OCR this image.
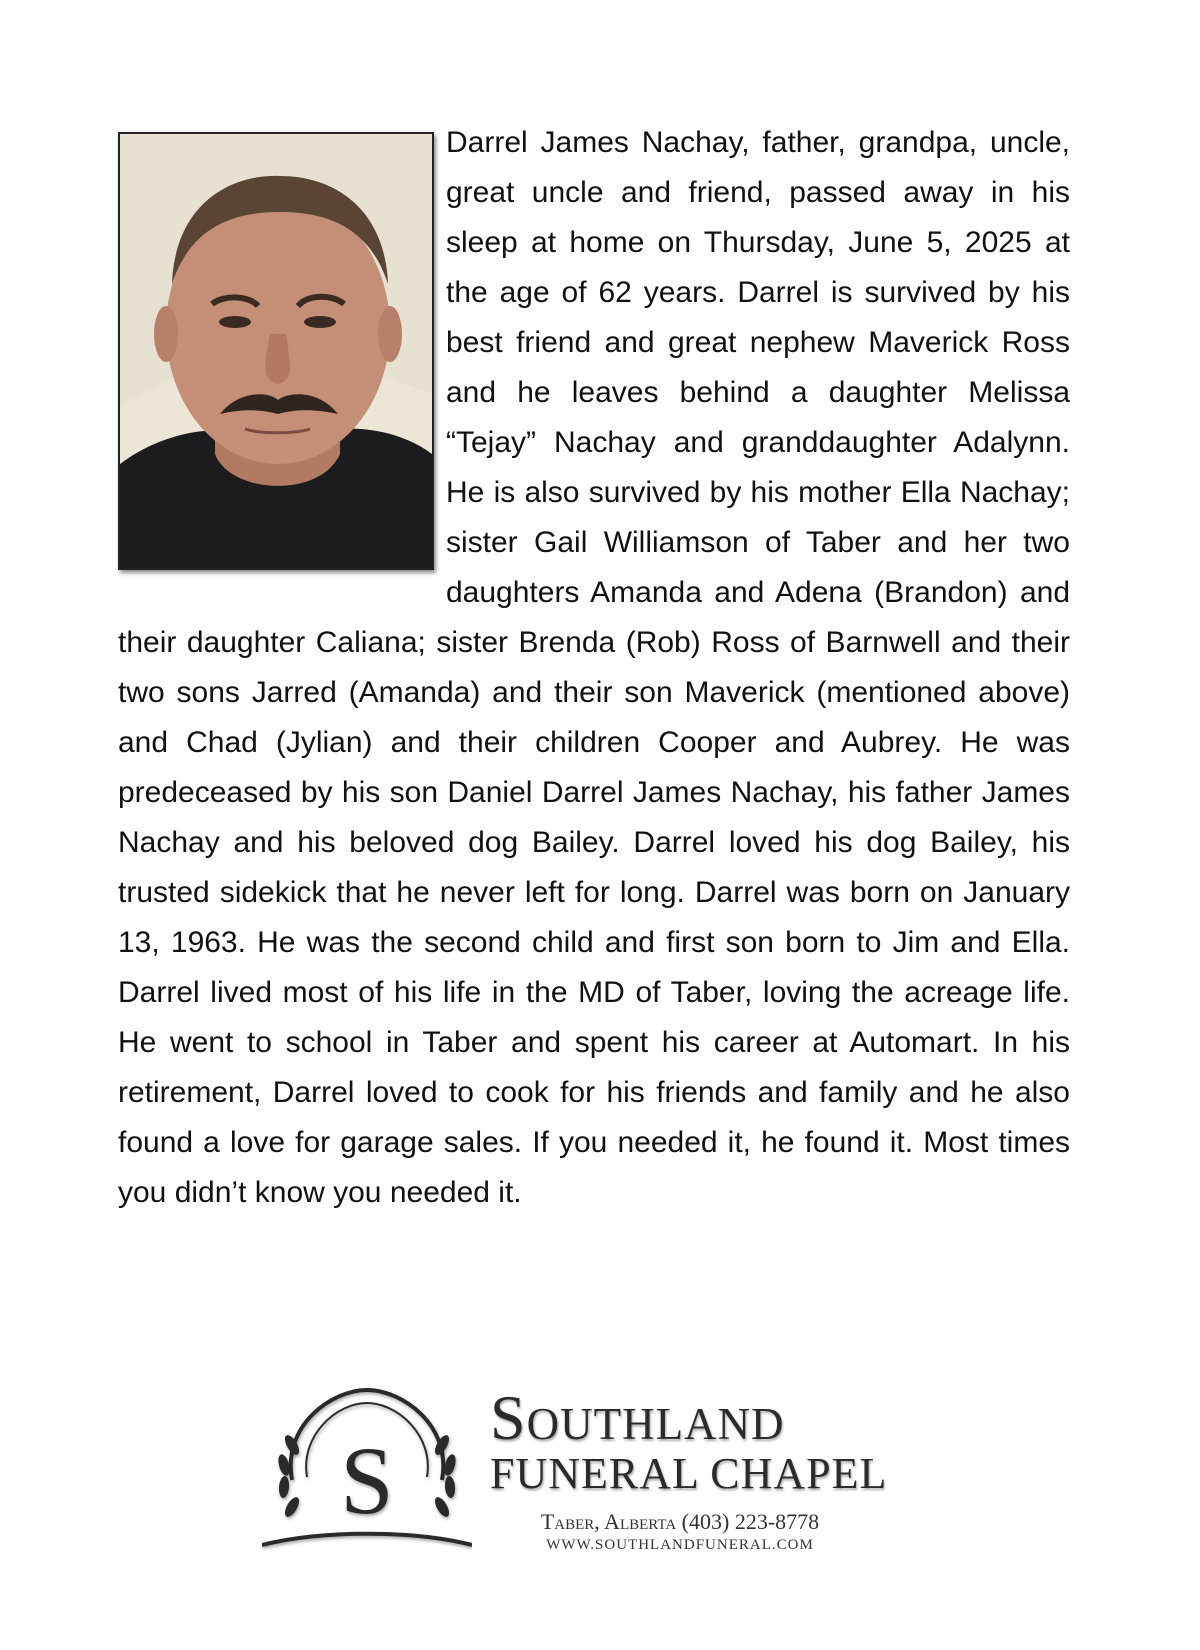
Darrel James Nachay, father, grandpa, uncle, great uncle and friend, passed away in his sleep at home on Thursday, June 5, 2025 at the age of 62 years. Darrel is survived by his best friend and great nephew Maverick Ross and he leaves behind a daughter Melissa “Tejay” Nachay and granddaughter Adalynn. He is also survived by his mother Ella Nachay; sister Gail Williamson of Taber and her two daughters Amanda and Adena (Brandon) and their daughter Caliana; sister Brenda (Rob) Ross of Barnwell and their two sons Jarred (Amanda) and their son Maverick (mentioned above) and Chad (Jylian) and their children Cooper and Aubrey. He was predeceased by his son Daniel Darrel James Nachay, his father James Nachay and his beloved dog Bailey. Darrel loved his dog Bailey, his trusted sidekick that he never left for long. Darrel was born on January 13, 1963. He was the second child and first son born to Jim and Ella. Darrel lived most of his life in the MD of Taber, loving the acreage life. He went to school in Taber and spent his career at Automart. In his retirement, Darrel loved to cook for his friends and family and he also found a love for garage sales. If you needed it, he found it. Most times you didn’t know you needed it.
S
Southland
FUNERAL CHAPEL
Taber, Alberta (403) 223-8778
WWW.SOUTHLANDFUNERAL.COM
